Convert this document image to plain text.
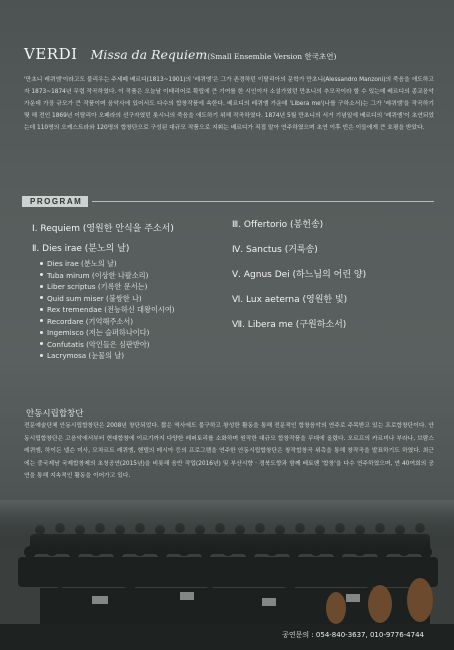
VERDI Missa da Requiem(Small Ensemble Version 한국초연)

'만초니 레퀴엠'이라고도 불리우는 주세페 베르디(1813~1901)의 '레퀴엠'은 그가 존경하던 이탈리아의 문학가 만초니(Alessandro Manzoni)의 죽음을 애도하고자 1873~1874년 무렵 작곡하였다. 이 작품은 오늘날 이태리어로 확립에 큰 기여를 한 시인이자 소설가였던 만초니의 추모곡이라 할 수 있는데 베르디의 종교음악 가운데 가장 규모가 큰 작품이며 음악사에 있어서도 다수의 합창작품에 속한다. 베르디의 레퀴엠 가운데 'Libera me'(나를 구하소서)는 그가 '레퀴엠'을 작곡하기 몇 해 전인 1869년 이탈리아 오페라의 선구자였던 롯시니의 죽음을 애도하기 위해 작곡하였다. 1874년 5월 만초니의 서거 기념일에 베르디의 '레퀴엠'이 초연되었는데 110명의 오케스트라와 120명의 합창단으로 구성된 대규모 작품으로 지휘는 베르디가 직접 맡아 연주하였으며 초연 이후 빈은 이들에게 큰 호평을 받았다.

PROGRAM
Ⅰ. Requiem (영원한 안식을 주소서)
Ⅱ. Dies irae (분노의 날)
Dies irae (분노의 날)
Tuba mirum (이상한 나팔소리)
Liber scriptus (기록한 문서는)
Quid sum miser (불쌍한 나)
Rex tremendae (전능하신 대왕이시여)
Recordare (기억해주소서)
Ingemisco (저는 슬퍼하나이다)
Confutatis (악인들은 심판받아)
Lacrymosa (눈물의 날)
Ⅲ. Offertorio (봉헌송)
Ⅳ. Sanctus (거룩송)
Ⅴ. Agnus Dei (하느님의 어린 양)
Ⅵ. Lux aeterna (영원한 빛)
Ⅶ. Libera me (구원하소서)
안동시립합창단

전문예술단체 안동시립합창단은 2008년 창단되었다. 짧은 역사에도 불구하고 왕성한 활동을 통해 전문적인 합창음악의 연주로 주목받고 있는 프로합창단이다. 안동시립합창단은 고음악에서부터 현대합창에 이르기까지 다양한 레퍼토리를 소화하며 원작한 대규모 합창작품을 무대에 올렸다. 오르프의 카르미나 부라나, 브람스 레퀴엠, 하이든 넬슨 미사, 모차르트 레퀴엠, 헨델의 메시아 등의 프로그램을 연주한 안동시립합창단은 창작합창곡 위촉을 통해 창작곡을 발표하기도 하였다. 최근에는 중국제남 국제합창제의 초청공연(2015년)을 비롯해 음반 작업(2016년) 및 부산시향 · 경북도향과 함께 베토벤 '합창'을 다수 연주하였으며, 연 40여회의 공연을 통해 지속적인 활동을 이어가고 있다.

공연문의 : 054-840-3637, 010-9776-4744
